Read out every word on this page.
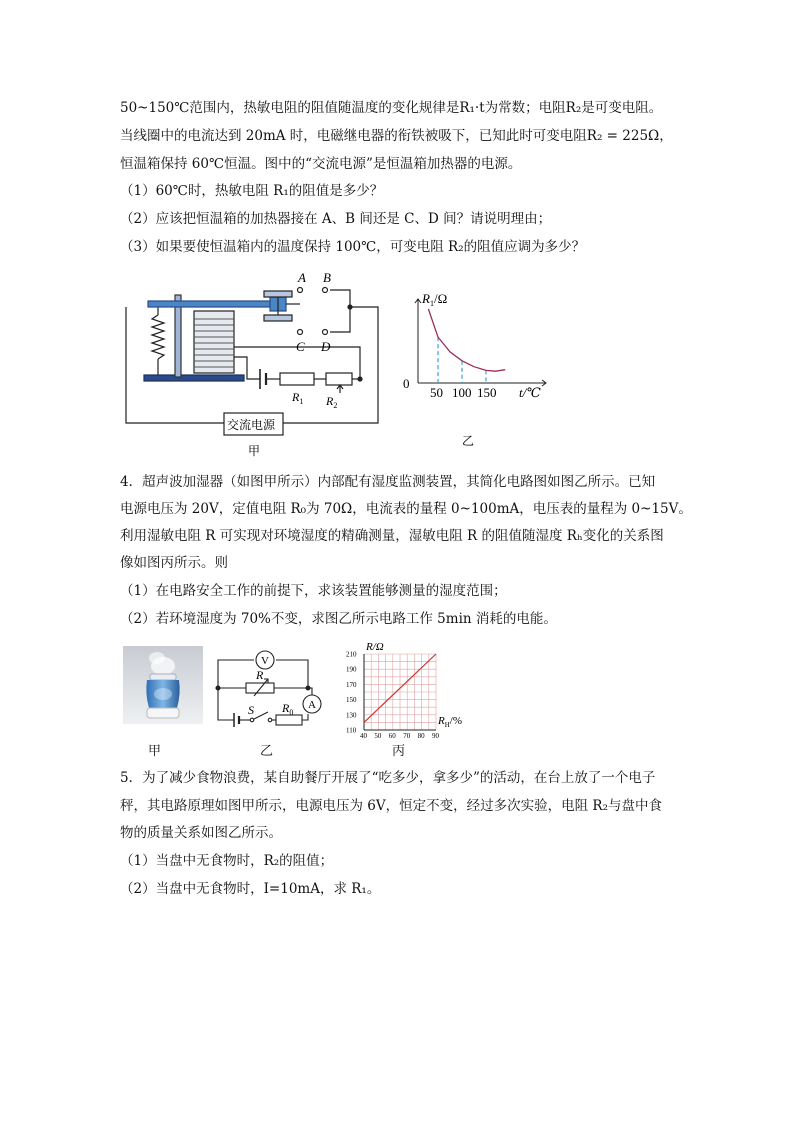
50~150℃范围内，热敏电阻的阻值随温度的变化规律是R₁·t为常数；电阻R₂是可变电阻。
当线圈中的电流达到 20mA 时，电磁继电器的衔铁被吸下，已知此时可变电阻R₂ = 225Ω，
恒温箱保持 60℃恒温。图中的“交流电源”是恒温箱加热器的电源。
（1）60℃时，热敏电阻 R₁的阻值是多少？
（2）应该把恒温箱的加热器接在 A、B 间还是 C、D 间？请说明理由；
（3）如果要使恒温箱内的温度保持 100℃，可变电阻 R₂的阻值应调为多少？
A B
C D
$R_1$ $R_2$
交流电源
甲
$R_1/\Omega$
0
50 100 150 t/℃
乙
4．超声波加湿器（如图甲所示）内部配有湿度监测装置，其简化电路图如图乙所示。已知
电源电压为 20V，定值电阻 R₀为 70Ω，电流表的量程 0~100mA，电压表的量程为 0~15V。
利用湿敏电阻 R 可实现对环境湿度的精确测量，湿敏电阻 R 的阻值随湿度 Rₕ变化的关系图
像如图丙所示。则
（1）在电路安全工作的前提下，求该装置能够测量的湿度范围；
（2）若环境湿度为 70%不变，求图乙所示电路工作 5min 消耗的电能。
甲
V
A
R
S $R_0$
乙
210
190
170
150
130
110
40 50 60 70 80 90
R/Ω
$R_H/\%$
丙
5．为了减少食物浪费，某自助餐厅开展了“吃多少，拿多少”的活动，在台上放了一个电子
秤，其电路原理如图甲所示，电源电压为 6V，恒定不变，经过多次实验，电阻 R₂与盘中食
物的质量关系如图乙所示。
（1）当盘中无食物时，R₂的阻值；
（2）当盘中无食物时，I=10mA，求 R₁。
